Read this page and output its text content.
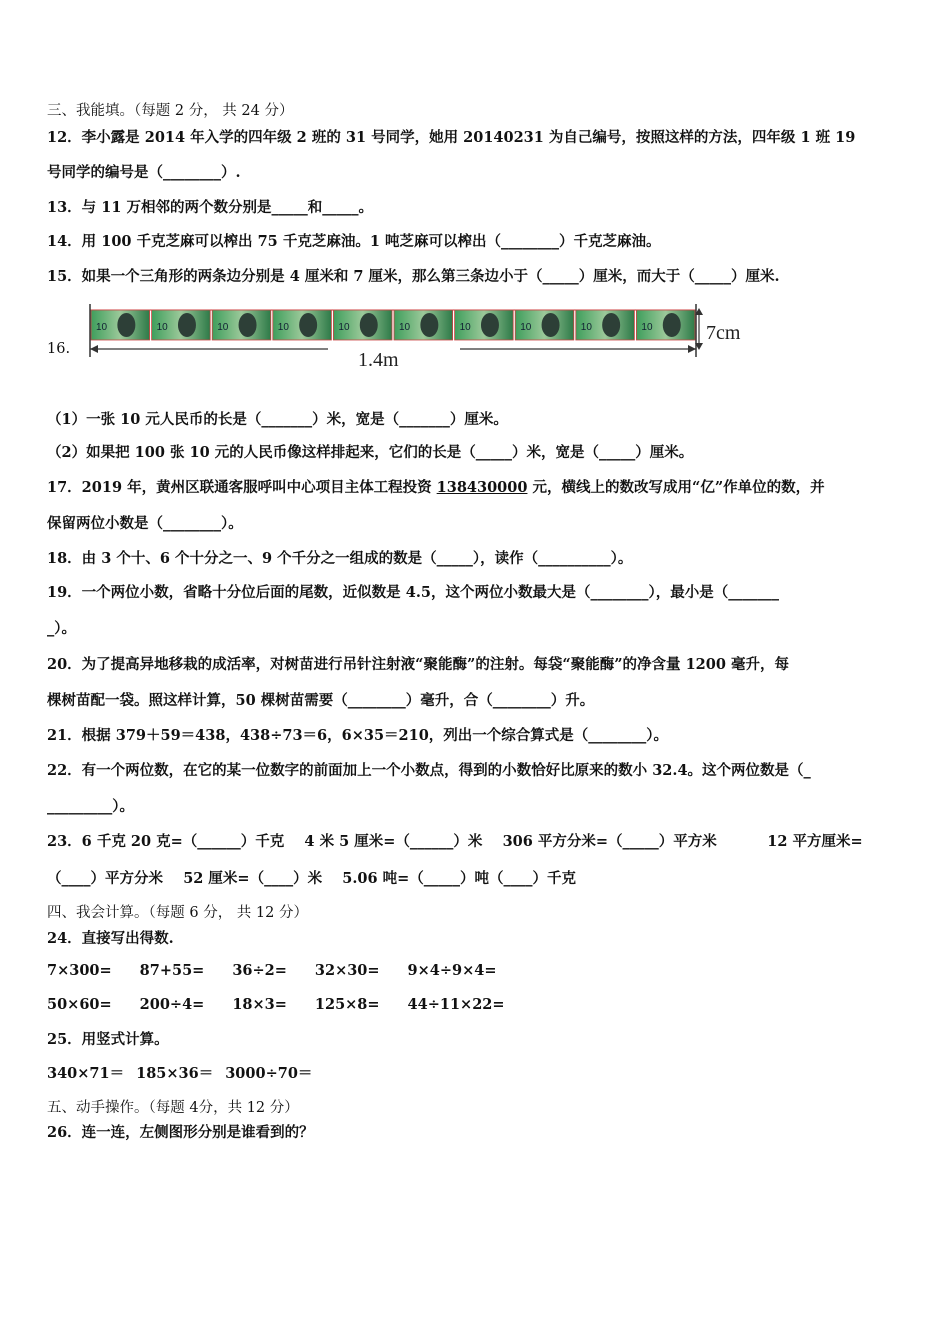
三、我能填。（每题 2 分， 共 24 分）
12．李小露是 2014 年入学的四年级 2 班的 31 号同学，她用 20140231 为自己编号，按照这样的方法，四年级 1 班 19
号同学的编号是（________）.
13．与 11 万相邻的两个数分别是_____和_____。
14．用 100 千克芝麻可以榨出 75 千克芝麻油。1 吨芝麻可以榨出（________）千克芝麻油。
15．如果一个三角形的两条边分别是 4 厘米和 7 厘米，那么第三条边小于（_____）厘米，而大于（_____）厘米.
16.
10	10	10	10	10	10	10	10	10	10
1.4m
7cm
（1）一张 10 元人民币的长是（_______）米，宽是（_______）厘米。
（2）如果把 100 张 10 元的人民币像这样排起来，它们的长是（_____）米，宽是（_____）厘米。
17．2019 年，黄州区联通客服呼叫中心项目主体工程投资 138430000 元，横线上的数改写成用“亿”作单位的数，并
保留两位小数是（________）。
18．由 3 个十、6 个十分之一、9 个千分之一组成的数是（_____），读作（__________）。
19．一个两位小数，省略十分位后面的尾数，近似数是 4.5，这个两位小数最大是（________），最小是（_______
_）。
20．为了提高异地移栽的成活率，对树苗进行吊针注射液“聚能酶”的注射。每袋“聚能酶”的净含量 1200 毫升，每
棵树苗配一袋。照这样计算，50 棵树苗需要（________）毫升，合（________）升。
21．根据 379＋59＝438，438÷73＝6，6×35＝210，列出一个综合算式是（________）。
22．有一个两位数，在它的某一位数字的前面加上一个小数点，得到的小数恰好比原来的数小 32.4。这个两位数是（_
_________）。
23．6 千克 20 克=（______）千克    4 米 5 厘米=（______）米    306 平方分米=（_____）平方米          12 平方厘米=
（____）平方分米    52 厘米=（____）米    5.06 吨=（_____）吨（____）千克
四、我会计算。（每题 6 分， 共 12 分）
24．直接写出得数.
7×300= 87+55= 36÷2= 32×30= 9×4÷9×4=
50×60= 200÷4= 18×3= 125×8= 44÷11×22=
25．用竖式计算。
340×71＝ 185×36＝ 3000÷70＝
五、动手操作。（每题 4分，共 12 分）
26．连一连，左侧图形分别是谁看到的？
